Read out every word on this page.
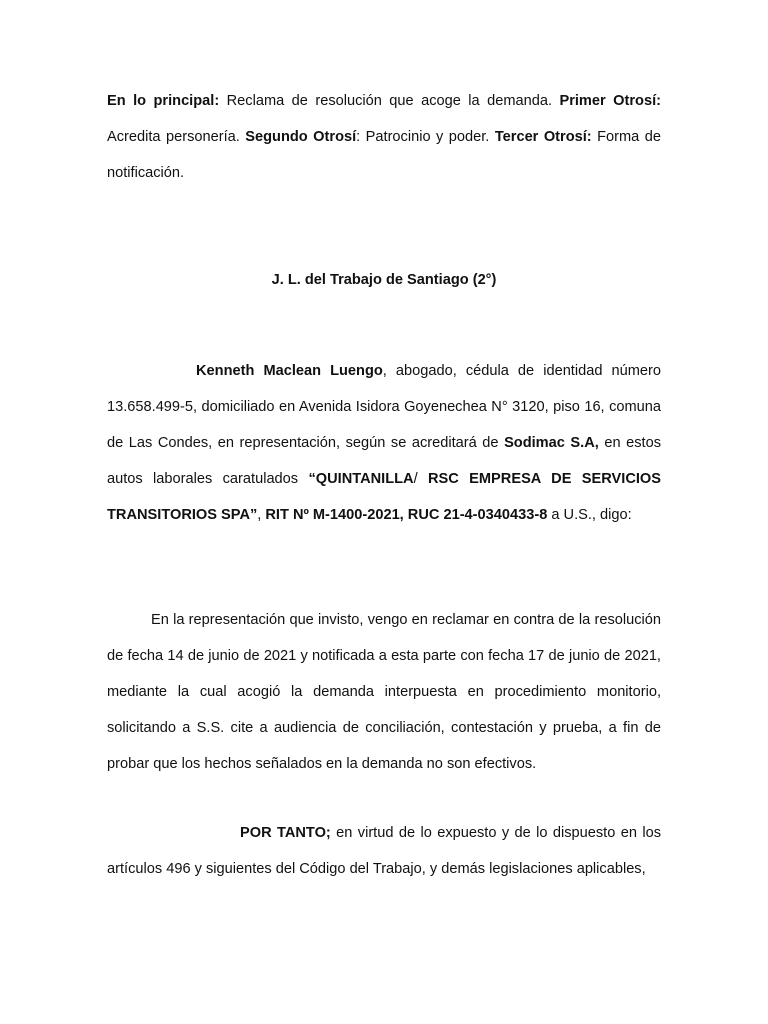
En lo principal: Reclama de resolución que acoge la demanda. Primer Otrosí: Acredita personería. Segundo Otrosí: Patrocinio y poder. Tercer Otrosí: Forma de notificación.

J. L. del Trabajo de Santiago (2°)

Kenneth Maclean Luengo, abogado, cédula de identidad número 13.658.499-5, domiciliado en Avenida Isidora Goyenechea N° 3120, piso 16, comuna de Las Condes, en representación, según se acreditará de Sodimac S.A, en estos autos laborales caratulados “QUINTANILLA/ RSC EMPRESA DE SERVICIOS TRANSITORIOS SPA”, RIT Nº M-1400-2021, RUC 21-4-0340433-8 a U.S., digo:

En la representación que invisto, vengo en reclamar en contra de la resolución de fecha 14 de junio de 2021 y notificada a esta parte con fecha 17 de junio de 2021, mediante la cual acogió la demanda interpuesta en procedimiento monitorio, solicitando a S.S. cite a audiencia de conciliación, contestación y prueba, a fin de probar que los hechos señalados en la demanda no son efectivos.

POR TANTO; en virtud de lo expuesto y de lo dispuesto en los artículos 496 y siguientes del Código del Trabajo, y demás legislaciones aplicables,
